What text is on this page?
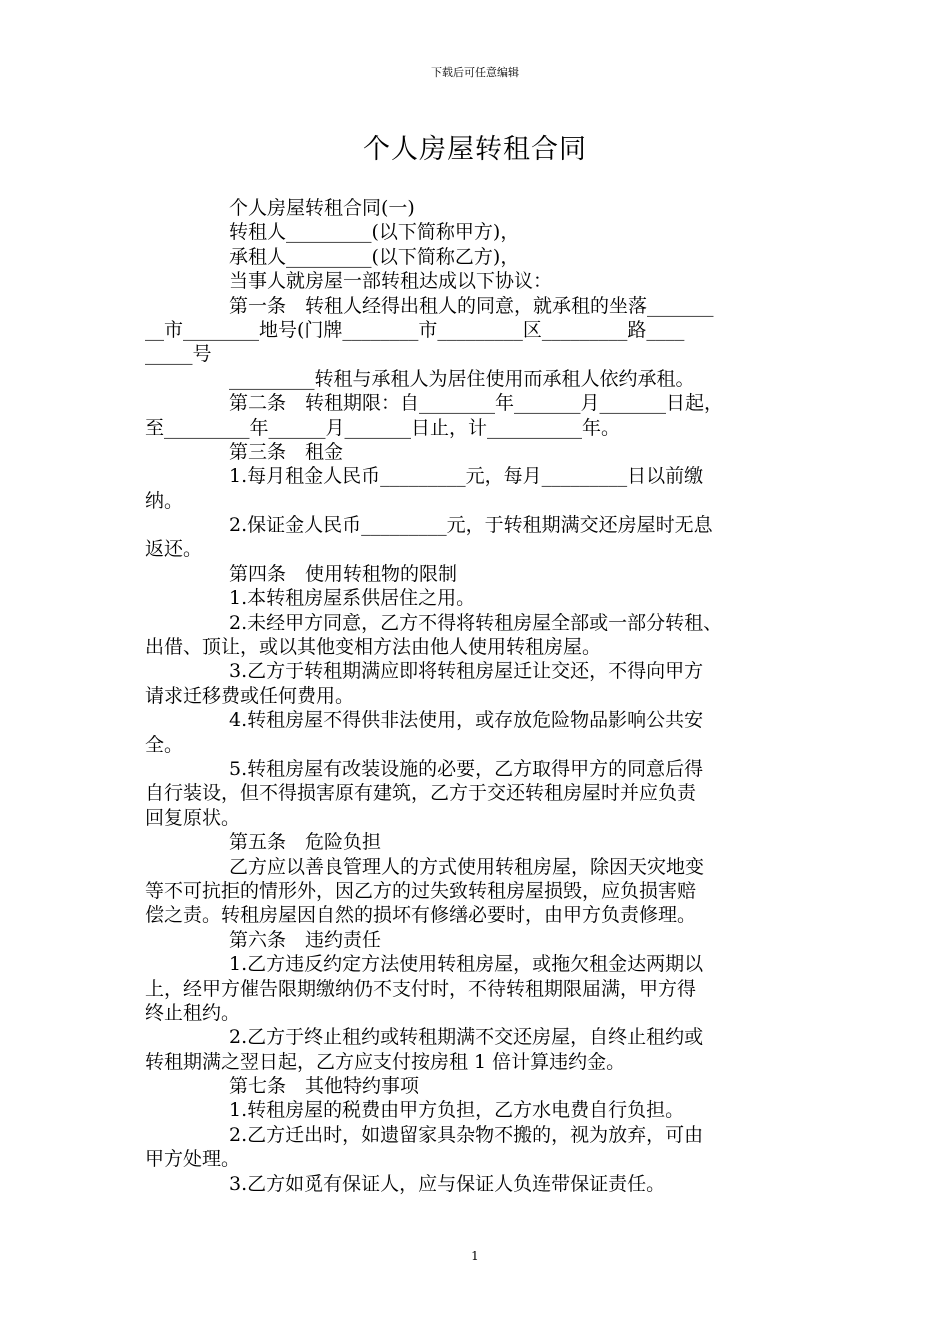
下载后可任意编辑
个人房屋转租合同
个人房屋转租合同(一)
转租人_________(以下简称甲方)，
承租人_________(以下简称乙方)，
当事人就房屋一部转租达成以下协议：
第一条　转租人经得出租人的同意，就承租的坐落_______
__市________地号(门牌________市_________区_________路____
_____号
_________转租与承租人为居住使用而承租人依约承租。
第二条　转租期限：自________年_______月_______日起，
至_________年______月_______日止，计__________年。
第三条　租金
1.每月租金人民币_________元，每月_________日以前缴
纳。
2.保证金人民币_________元，于转租期满交还房屋时无息
返还。
第四条　使用转租物的限制
1.本转租房屋系供居住之用。
2.未经甲方同意，乙方不得将转租房屋全部或一部分转租、
出借、顶让，或以其他变相方法由他人使用转租房屋。
3.乙方于转租期满应即将转租房屋迁让交还，不得向甲方
请求迁移费或任何费用。
4.转租房屋不得供非法使用，或存放危险物品影响公共安
全。
5.转租房屋有改装设施的必要，乙方取得甲方的同意后得
自行装设，但不得损害原有建筑，乙方于交还转租房屋时并应负责
回复原状。
第五条　危险负担
乙方应以善良管理人的方式使用转租房屋，除因天灾地变
等不可抗拒的情形外，因乙方的过失致转租房屋损毁，应负损害赔
偿之责。转租房屋因自然的损坏有修缮必要时，由甲方负责修理。
第六条　违约责任
1.乙方违反约定方法使用转租房屋，或拖欠租金达两期以
上，经甲方催告限期缴纳仍不支付时，不待转租期限届满，甲方得
终止租约。
2.乙方于终止租约或转租期满不交还房屋，自终止租约或
转租期满之翌日起，乙方应支付按房租 1 倍计算违约金。
第七条　其他特约事项
1.转租房屋的税费由甲方负担，乙方水电费自行负担。
2.乙方迁出时，如遗留家具杂物不搬的，视为放弃，可由
甲方处理。
3.乙方如觅有保证人，应与保证人负连带保证责任。
1
